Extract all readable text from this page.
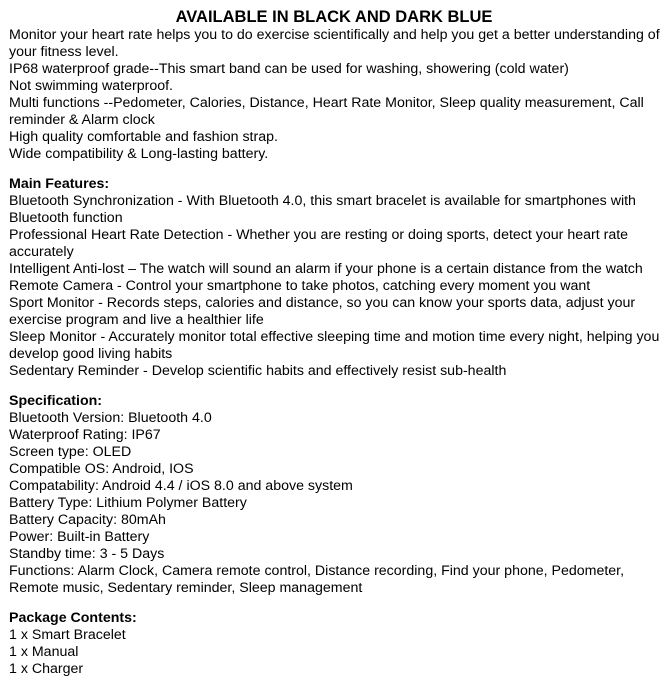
AVAILABLE IN BLACK AND DARK BLUE

Monitor your heart rate helps you to do exercise scientifically and help you get a better understanding of your fitness level.

IP68 waterproof grade--This smart band can be used for washing, showering (cold water)

Not swimming waterproof.

Multi functions --Pedometer, Calories, Distance, Heart Rate Monitor, Sleep quality measurement, Call reminder & Alarm clock

High quality comfortable and fashion strap.

Wide compatibility & Long-lasting battery.

Main Features:

Bluetooth Synchronization - With Bluetooth 4.0, this smart bracelet is available for smartphones with Bluetooth function

Professional Heart Rate Detection - Whether you are resting or doing sports, detect your heart rate accurately

Intelligent Anti-lost – The watch will sound an alarm if your phone is a certain distance from the watch

Remote Camera - Control your smartphone to take photos, catching every moment you want

Sport Monitor - Records steps, calories and distance, so you can know your sports data, adjust your exercise program and live a healthier life

Sleep Monitor - Accurately monitor total effective sleeping time and motion time every night, helping you develop good living habits

Sedentary Reminder - Develop scientific habits and effectively resist sub-health

Specification:

Bluetooth Version: Bluetooth 4.0

Waterproof Rating: IP67

Screen type: OLED

Compatible OS: Android, IOS

Compatability: Android 4.4 / iOS 8.0 and above system

Battery Type: Lithium Polymer Battery

Battery Capacity: 80mAh

Power: Built-in Battery

Standby time: 3 - 5 Days

Functions: Alarm Clock, Camera remote control, Distance recording, Find your phone, Pedometer, Remote music, Sedentary reminder, Sleep management

Package Contents:

1 x Smart Bracelet

1 x Manual

1 x Charger
